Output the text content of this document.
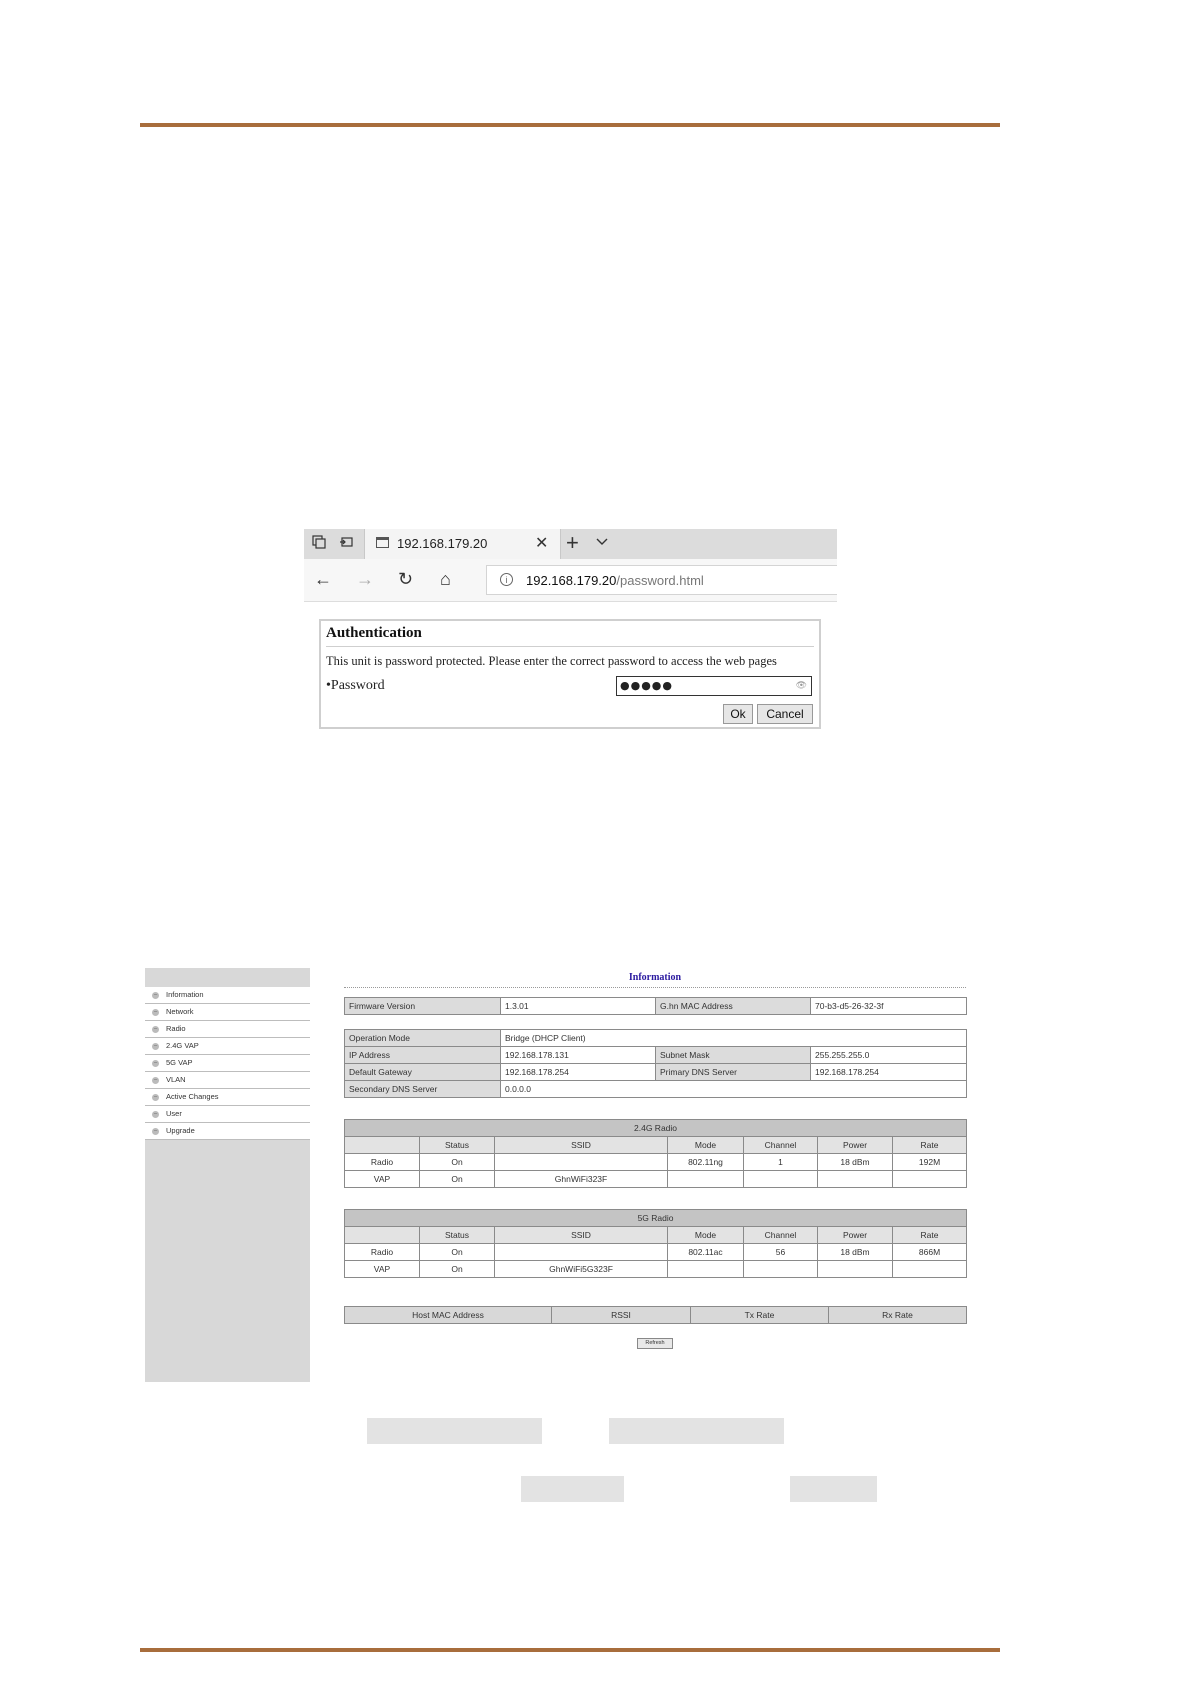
192.168.179.20	✕ +
← → ↻ ⌂	i	192.168.179.20/password.html
Authentication
This unit is password protected. Please enter the correct password to access the web pages
•Password	●●●●●	👁
Ok	Cancel
– Information
– Network
– Radio
– 2.4G VAP
– 5G VAP
– VLAN
– Active Changes
– User
– Upgrade
Information
Firmware Version	1.3.01	G.hn MAC Address	70-b3-d5-26-32-3f
Operation Mode	Bridge (DHCP Client)		
IP Address	192.168.178.131	Subnet Mask	255.255.255.0
Default Gateway	192.168.178.254	Primary DNS Server	192.168.178.254
Secondary DNS Server	0.0.0.0		
2.4G Radio						
	Status	SSID	Mode	Channel	Power	Rate
Radio	On		802.11ng	1	18 dBm	192M
VAP	On	GhnWiFi323F				
5G Radio						
	Status	SSID	Mode	Channel	Power	Rate
Radio	On		802.11ac	56	18 dBm	866M
VAP	On	GhnWiFi5G323F				
Host MAC Address	RSSI	Tx Rate	Rx Rate
Refresh
